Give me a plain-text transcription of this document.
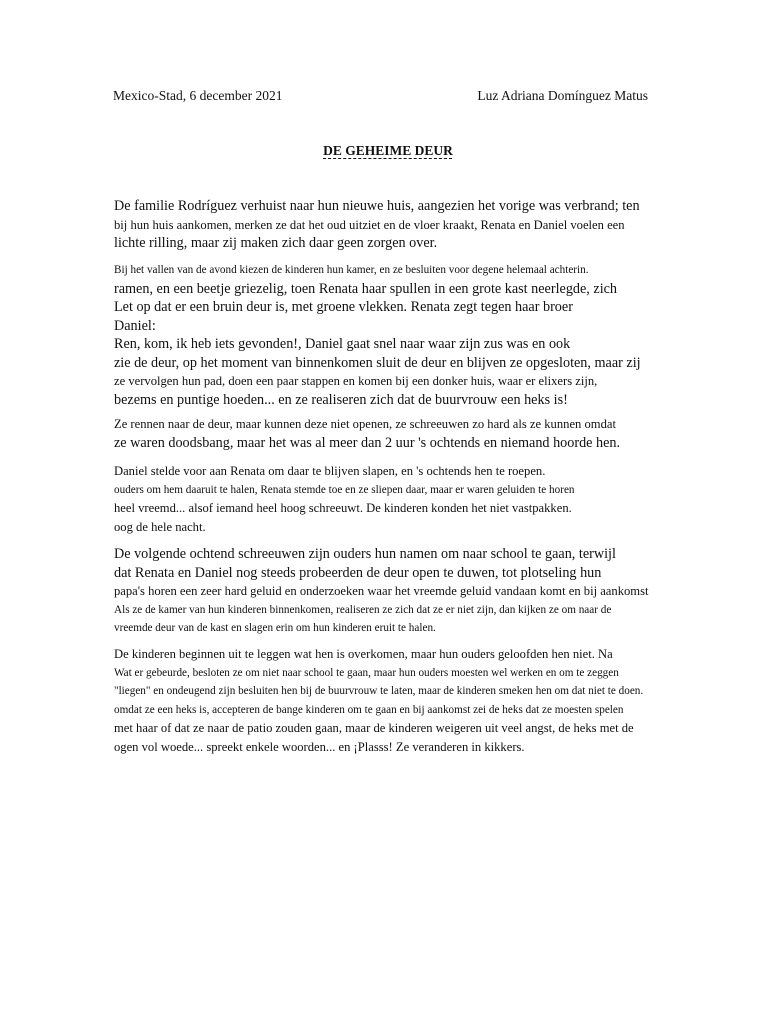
Mexico-Stad, 6 december 2021	Luz Adriana Domínguez Matus
DE GEHEIME DEUR
De familie Rodríguez verhuist naar hun nieuwe huis, aangezien het vorige was verbrand; ten
bij hun huis aankomen, merken ze dat het oud uitziet en de vloer kraakt, Renata en Daniel voelen een
lichte rilling, maar zij maken zich daar geen zorgen over.
Bij het vallen van de avond kiezen de kinderen hun kamer, en ze besluiten voor degene helemaal achterin.
ramen, en een beetje griezelig, toen Renata haar spullen in een grote kast neerlegde, zich
Let op dat er een bruin deur is, met groene vlekken. Renata zegt tegen haar broer
Daniel:
Ren, kom, ik heb iets gevonden!, Daniel gaat snel naar waar zijn zus was en ook
zie de deur, op het moment van binnenkomen sluit de deur en blijven ze opgesloten, maar zij
ze vervolgen hun pad, doen een paar stappen en komen bij een donker huis, waar er elixers zijn,
bezems en puntige hoeden... en ze realiseren zich dat de buurvrouw een heks is!
Ze rennen naar de deur, maar kunnen deze niet openen, ze schreeuwen zo hard als ze kunnen omdat
ze waren doodsbang, maar het was al meer dan 2 uur 's ochtends en niemand hoorde hen.
Daniel stelde voor aan Renata om daar te blijven slapen, en 's ochtends hen te roepen.
ouders om hem daaruit te halen, Renata stemde toe en ze sliepen daar, maar er waren geluiden te horen
heel vreemd... alsof iemand heel hoog schreeuwt. De kinderen konden het niet vastpakken.
oog de hele nacht.
De volgende ochtend schreeuwen zijn ouders hun namen om naar school te gaan, terwijl
dat Renata en Daniel nog steeds probeerden de deur open te duwen, tot plotseling hun
papa's horen een zeer hard geluid en onderzoeken waar het vreemde geluid vandaan komt en bij aankomst
Als ze de kamer van hun kinderen binnenkomen, realiseren ze zich dat ze er niet zijn, dan kijken ze om naar de
vreemde deur van de kast en slagen erin om hun kinderen eruit te halen.
De kinderen beginnen uit te leggen wat hen is overkomen, maar hun ouders geloofden hen niet. Na
Wat er gebeurde, besloten ze om niet naar school te gaan, maar hun ouders moesten wel werken en om te zeggen
"liegen" en ondeugend zijn besluiten hen bij de buurvrouw te laten, maar de kinderen smeken hen om dat niet te doen.
omdat ze een heks is, accepteren de bange kinderen om te gaan en bij aankomst zei de heks dat ze moesten spelen
met haar of dat ze naar de patio zouden gaan, maar de kinderen weigeren uit veel angst, de heks met de
ogen vol woede... spreekt enkele woorden... en ¡Plasss! Ze veranderen in kikkers.
